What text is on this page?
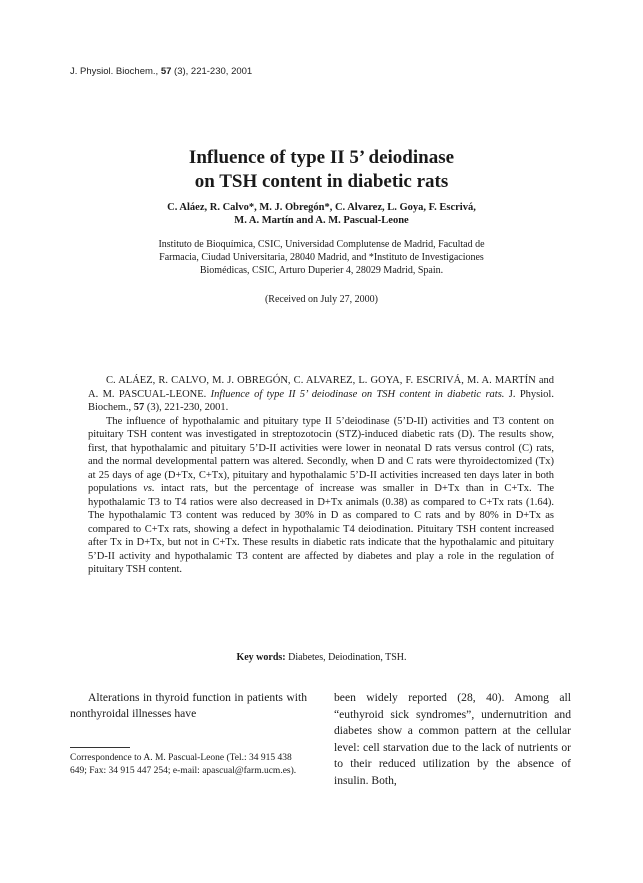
J. Physiol. Biochem., 57 (3), 221-230, 2001
Influence of type II 5’ deiodinase
on TSH content in diabetic rats
C. Aláez, R. Calvo*, M. J. Obregón*, C. Alvarez, L. Goya, F. Escrivá,
M. A. Martín and A. M. Pascual-Leone
Instituto de Bioquímica, CSIC, Universidad Complutense de Madrid, Facultad de Farmacia, Ciudad Universitaria, 28040 Madrid, and *Instituto de Investigaciones Biomédicas, CSIC, Arturo Duperier 4, 28029 Madrid, Spain.
(Received on July 27, 2000)

C. ALÁEZ, R. CALVO, M. J. OBREGÓN, C. ALVAREZ, L. GOYA, F. ESCRIVÁ, M. A. MARTÍN and A. M. PASCUAL-LEONE. Influence of type II 5’ deiodinase on TSH content in diabetic rats. J. Physiol. Biochem., 57 (3), 221-230, 2001.

The influence of hypothalamic and pituitary type II 5’deiodinase (5’D-II) activities and T3 content on pituitary TSH content was investigated in streptozotocin (STZ)-induced diabetic rats (D). The results show, first, that hypothalamic and pituitary 5’D-II activities were lower in neonatal D rats versus control (C) rats, and the normal developmental pattern was altered. Secondly, when D and C rats were thyroidectomized (Tx) at 25 days of age (D+Tx, C+Tx), pituitary and hypothalamic 5’D-II activities increased ten days later in both populations vs. intact rats, but the percentage of increase was smaller in D+Tx than in C+Tx. The hypothalamic T3 to T4 ratios were also decreased in D+Tx animals (0.38) as compared to C+Tx rats (1.64). The hypothalamic T3 content was reduced by 30% in D as compared to C rats and by 80% in D+Tx as compared to C+Tx rats, showing a defect in hypothalamic T4 deiodination. Pituitary TSH content increased after Tx in D+Tx, but not in C+Tx. These results in diabetic rats indicate that the hypothalamic and pituitary 5’D-II activity and hypothalamic T3 content are affected by diabetes and play a role in the regulation of pituitary TSH content.

Key words: Diabetes, Deiodination, TSH.

Alterations in thyroid function in patients with nonthyroidal illnesses have

Correspondence to A. M. Pascual-Leone (Tel.: 34 915 438 649; Fax: 34 915 447 254; e-mail: apascual@farm.ucm.es).

been widely reported (28, 40). Among all “euthyroid sick syndromes”, undernutrition and diabetes show a common pattern at the cellular level: cell starvation due to the lack of nutrients or to their reduced utilization by the absence of insulin. Both,
